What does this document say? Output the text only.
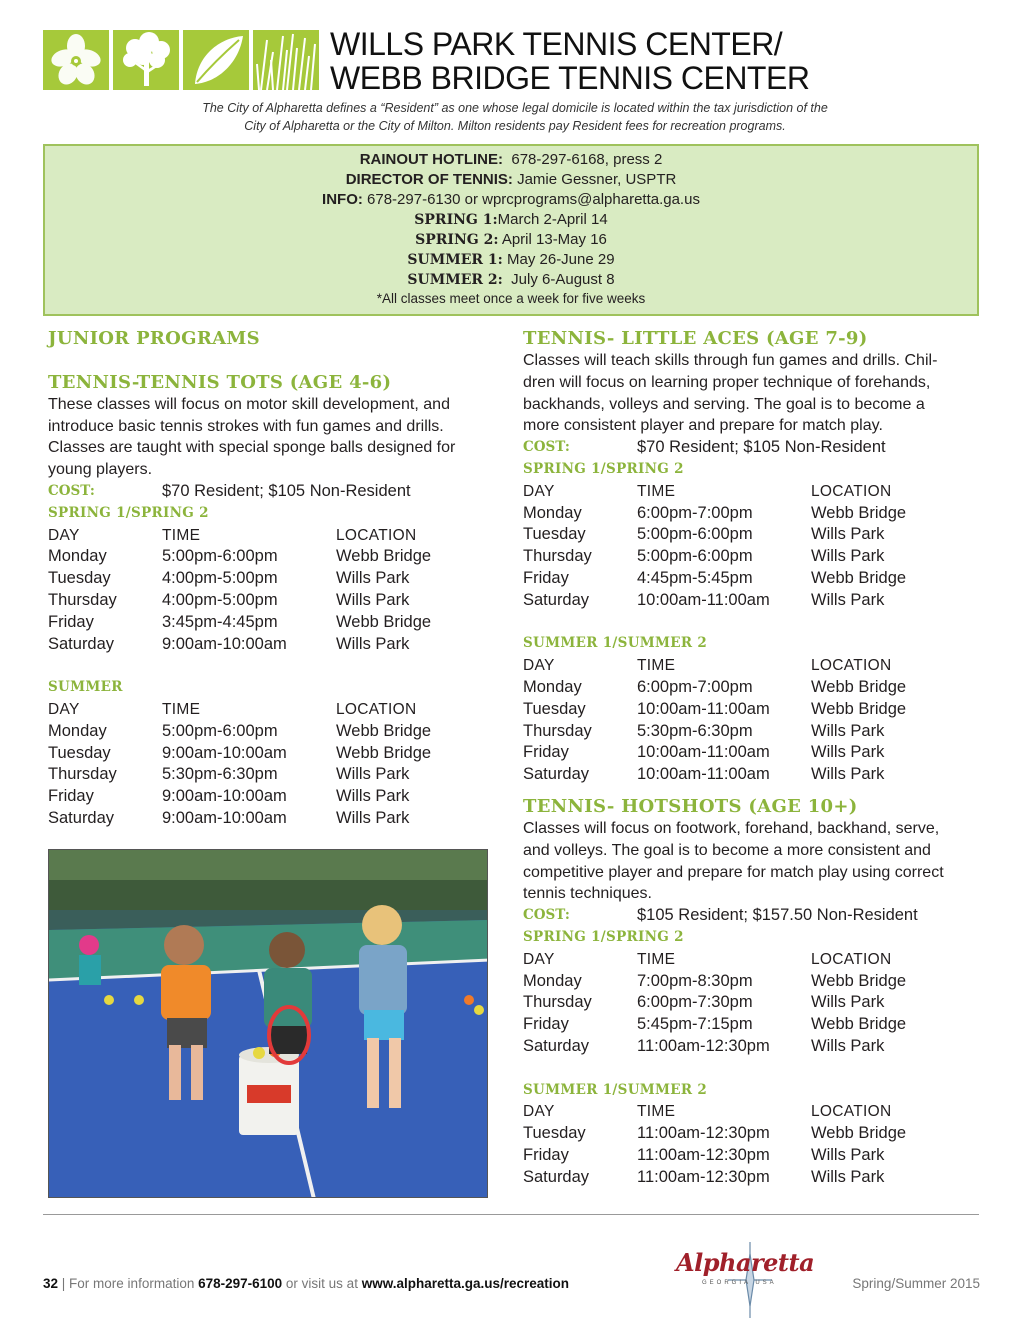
WILLS PARK TENNIS CENTER/
WEBB BRIDGE TENNIS CENTER
The City of Alpharetta defines a “Resident” as one whose legal domicile is located within the tax jurisdiction of the
City of Alpharetta or the City of Milton. Milton residents pay Resident fees for recreation programs.
RAINOUT HOTLINE: 678-297-6168, press 2
DIRECTOR OF TENNIS: Jamie Gessner, USPTR
INFO: 678-297-6130 or wprcprograms@alpharetta.ga.us
SPRING 1:March 2-April 14
SPRING 2: April 13-May 16
SUMMER 1: May 26-June 29
SUMMER 2: July 6-August 8
*All classes meet once a week for five weeks
JUNIOR PROGRAMS
TENNIS-TENNIS TOTS (AGE 4-6)
These classes will focus on motor skill development, and
introduce basic tennis strokes with fun games and drills.
Classes are taught with special sponge balls designed for
young players.
COST:	$70 Resident; $105 Non-Resident
SPRING 1/SPRING 2
DAY	TIME	LOCATION
Monday	5:00pm-6:00pm	Webb Bridge
Tuesday	4:00pm-5:00pm	Wills Park
Thursday	4:00pm-5:00pm	Wills Park
Friday	3:45pm-4:45pm	Webb Bridge
Saturday	9:00am-10:00am	Wills Park
SUMMER
DAY	TIME	LOCATION
Monday	5:00pm-6:00pm	Webb Bridge
Tuesday	9:00am-10:00am	Webb Bridge
Thursday	5:30pm-6:30pm	Wills Park
Friday	9:00am-10:00am	Wills Park
Saturday	9:00am-10:00am	Wills Park
TENNIS- LITTLE ACES (AGE 7-9)
Classes will teach skills through fun games and drills. Chil-
dren will focus on learning proper technique of forehands,
backhands, volleys and serving. The goal is to become a
more consistent player and prepare for match play.
COST:	$70 Resident; $105 Non-Resident
SPRING 1/SPRING 2
DAY	TIME	LOCATION
Monday	6:00pm-7:00pm	Webb Bridge
Tuesday	5:00pm-6:00pm	Wills Park
Thursday	5:00pm-6:00pm	Wills Park
Friday	4:45pm-5:45pm	Webb Bridge
Saturday	10:00am-11:00am	Wills Park
SUMMER 1/SUMMER 2
DAY	TIME	LOCATION
Monday	6:00pm-7:00pm	Webb Bridge
Tuesday	10:00am-11:00am	Webb Bridge
Thursday	5:30pm-6:30pm	Wills Park
Friday	10:00am-11:00am	Wills Park
Saturday	10:00am-11:00am	Wills Park
TENNIS- HOTSHOTS (AGE 10+)
Classes will focus on footwork, forehand, backhand, serve,
and volleys. The goal is to become a more consistent and
competitive player and prepare for match play using correct
tennis techniques.
COST:	$105 Resident; $157.50 Non-Resident
SPRING 1/SPRING 2
DAY	TIME	LOCATION
Monday	7:00pm-8:30pm	Webb Bridge
Thursday	6:00pm-7:30pm	Wills Park
Friday	5:45pm-7:15pm	Webb Bridge
Saturday	11:00am-12:30pm	Wills Park
SUMMER 1/SUMMER 2
DAY	TIME	LOCATION
Tuesday	11:00am-12:30pm	Webb Bridge
Friday	11:00am-12:30pm	Wills Park
Saturday	11:00am-12:30pm	Wills Park
32 | For more information 678-297-6100 or visit us at www.alpharetta.ga.us/recreation
Alpharetta
GEORGIA USA	Spring/Summer 2015
